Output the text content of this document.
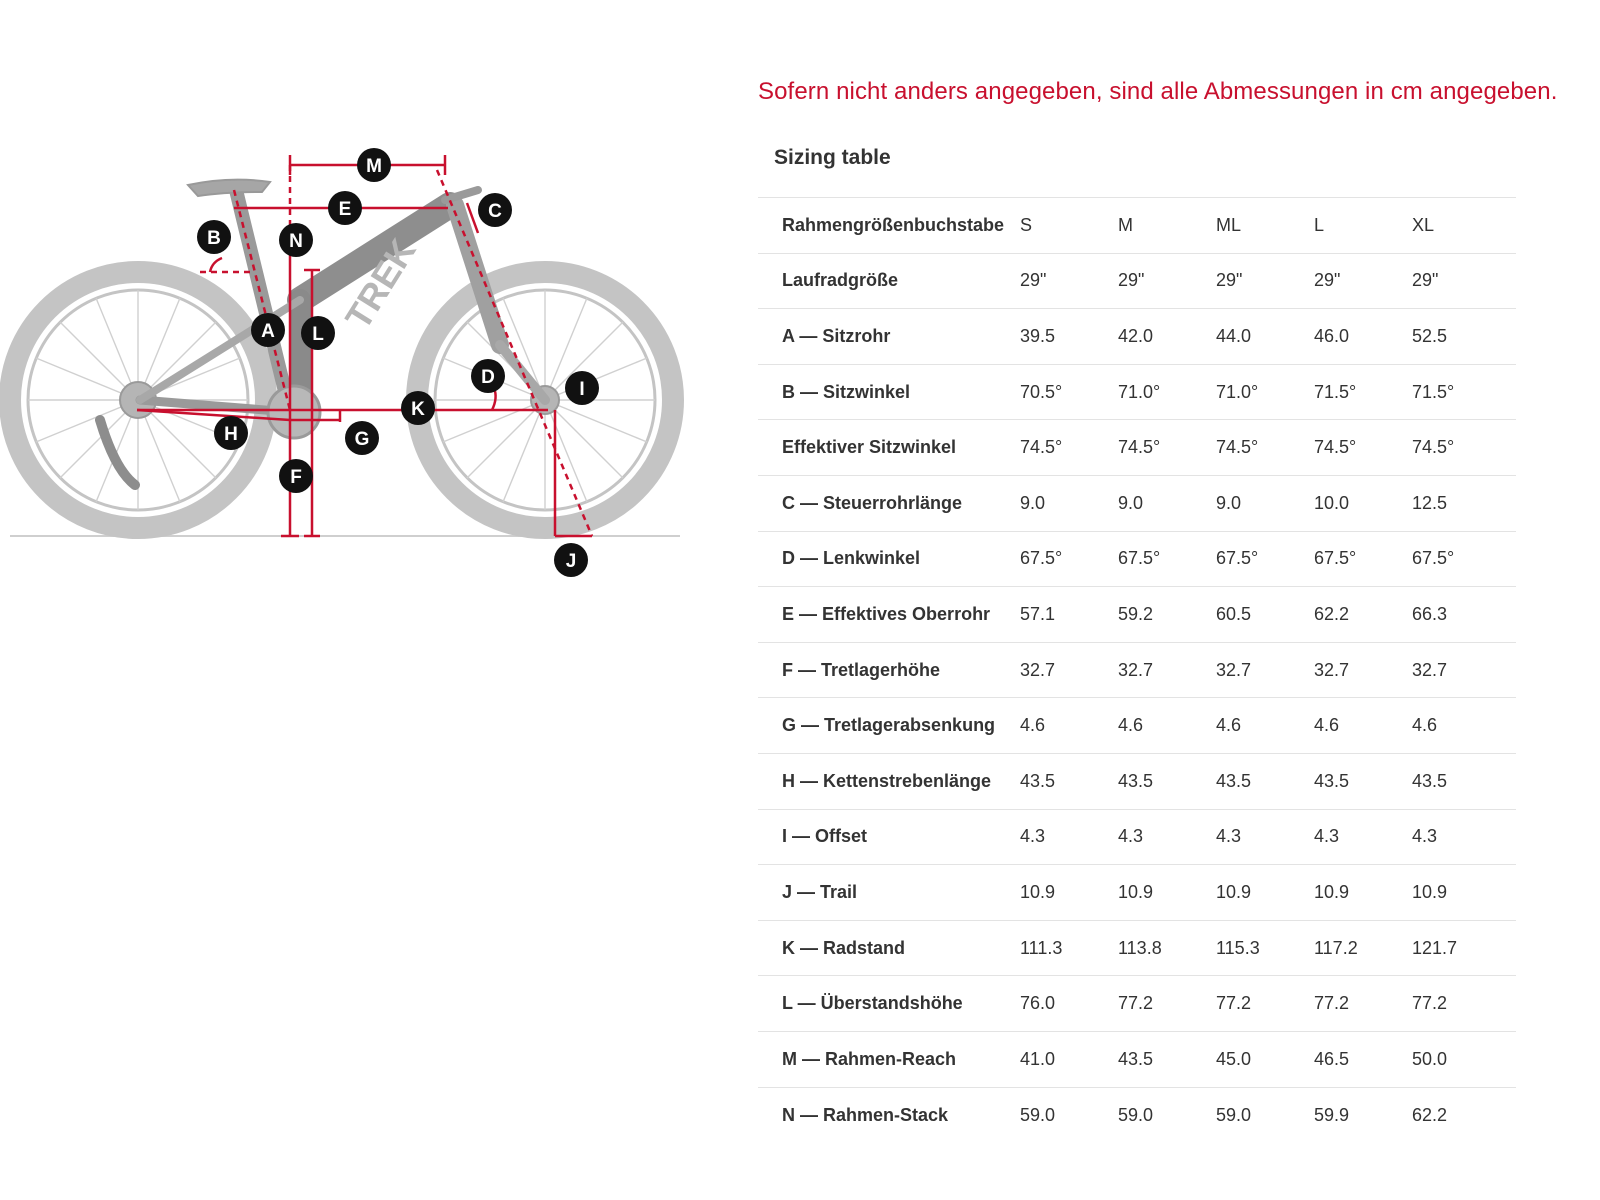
Sofern nicht anders angegeben, sind alle Abmessungen in cm angegeben.
TREK
M
E	C
B	N
A L
D
I
K
H	G
F
J
Sizing table
Rahmengrößenbuchstabe	S	M	ML	L	XL
Laufradgröße	29"	29"	29"	29"	29"
A — Sitzrohr	39.5	42.0	44.0	46.0	52.5
B — Sitzwinkel	70.5°	71.0°	71.0°	71.5°	71.5°
Effektiver Sitzwinkel	74.5°	74.5°	74.5°	74.5°	74.5°
C — Steuerrohrlänge	9.0	9.0	9.0	10.0	12.5
D — Lenkwinkel	67.5°	67.5°	67.5°	67.5°	67.5°
E — Effektives Oberrohr	57.1	59.2	60.5	62.2	66.3
F — Tretlagerhöhe	32.7	32.7	32.7	32.7	32.7
G — Tretlagerabsenkung	4.6	4.6	4.6	4.6	4.6
H — Kettenstrebenlänge	43.5	43.5	43.5	43.5	43.5
I — Offset	4.3	4.3	4.3	4.3	4.3
J — Trail	10.9	10.9	10.9	10.9	10.9
K — Radstand	111.3	113.8	115.3	117.2	121.7
L — Überstandshöhe	76.0	77.2	77.2	77.2	77.2
M — Rahmen-Reach	41.0	43.5	45.0	46.5	50.0
N — Rahmen-Stack	59.0	59.0	59.0	59.9	62.2
